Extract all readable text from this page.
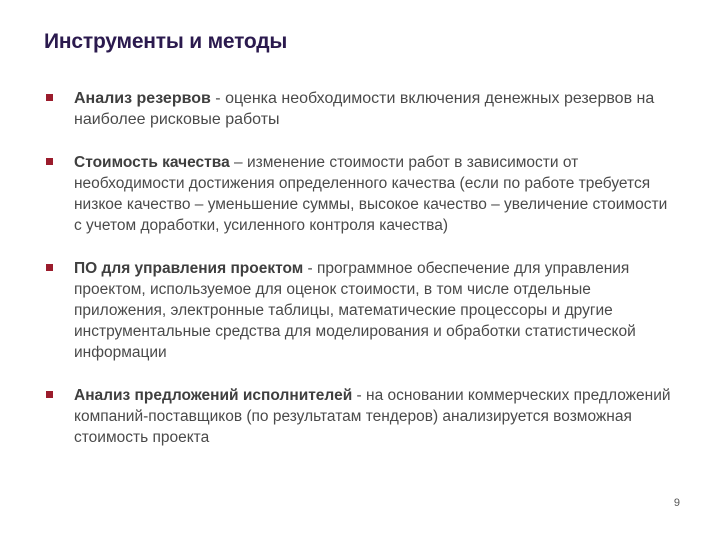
Инструменты и методы
Анализ резервов - оценка необходимости включения денежных резервов на наиболее рисковые работы
Стоимость качества – изменение стоимости работ в зависимости от необходимости достижения определенного качества (если по работе требуется низкое качество – уменьшение суммы, высокое качество – увеличение стоимости с учетом доработки, усиленного контроля качества)
ПО для управления проектом - программное обеспечение для управления проектом, используемое для оценок стоимости, в том числе отдельные приложения, электронные таблицы, математические процессоры и другие инструментальные средства для моделирования и обработки статистической информации
Анализ предложений исполнителей - на основании коммерческих предложений компаний-поставщиков (по результатам тендеров) анализируется возможная стоимость проекта
9
